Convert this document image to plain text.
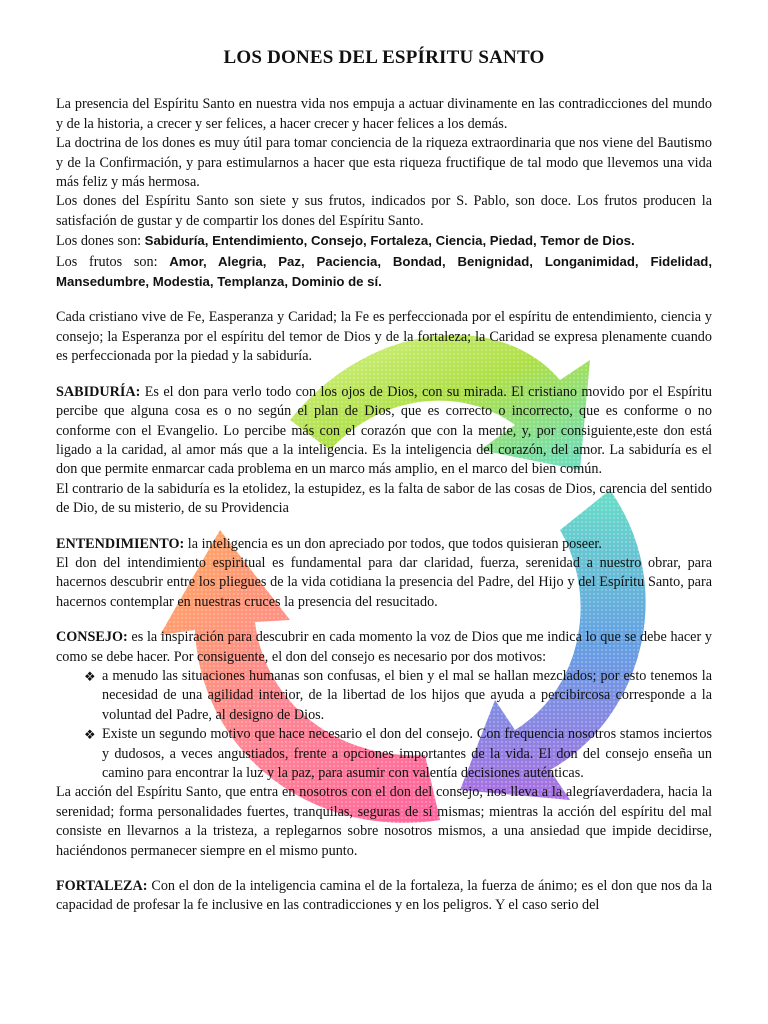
LOS DONES DEL ESPÍRITU SANTO

La presencia del Espíritu Santo en nuestra vida nos empuja a actuar divinamente en las contradicciones del mundo y de la historia, a crecer y ser felices, a hacer crecer y hacer felices a los demás.

La doctrina de los dones es muy útil para tomar conciencia de la riqueza extraordinaria que nos viene del Bautismo y de la Confirmación, y para estimularnos a hacer que esta riqueza fructifique de tal modo que llevemos una vida más feliz y más hermosa.

Los dones del Espíritu Santo son siete y sus frutos, indicados por S. Pablo, son doce. Los frutos producen la satisfación de gustar y de compartir los dones del Espíritu Santo.

Los dones son: Sabiduría, Entendimiento, Consejo, Fortaleza, Ciencia, Piedad, Temor de Dios.

Los frutos son: Amor, Alegria, Paz, Paciencia, Bondad, Benignidad, Longanimidad, Fidelidad, Mansedumbre, Modestia, Templanza, Dominio de sí.

Cada cristiano vive de Fe, Easperanza y Caridad; la Fe es perfeccionada por el espíritu de entendimiento, ciencia y consejo; la Esperanza por el espíritu del temor de Dios y de la fortaleza; la Caridad se expresa plenamente cuando es perfeccionada por la piedad y la sabiduría.

SABIDURÍA: Es el don para verlo todo con los ojos de Dios, con su mirada. El cristiano movido por el Espíritu percibe que alguna cosa es o no según el plan de Dios, que es correcto o incorrecto, que es conforme o no conforme con el Evangelio. Lo percibe más con el corazón que con la mente, y, por consiguiente,este don está ligado a la caridad, al amor más que a la inteligencia. Es la inteligencia del corazón, del amor. La sabiduría es el don que permite enmarcar cada problema en un marco más amplio, en el marco del bien común.

El contrario de la sabiduría es la etolidez, la estupidez, es la falta de sabor de las cosas de Dios, carencia del sentido de Dio, de su misterio, de su Providencia

ENTENDIMIENTO: la inteligencia es un don apreciado por todos, que todos quisieran poseer.

El don del intendimiento espiritual es fundamental para dar claridad, fuerza, serenidad a nuestro obrar, para hacernos descubrir entre los pliegues de la vida cotidiana la presencia del Padre, del Hijo y del Espíritu Santo, para hacernos contemplar en nuestras cruces la presencia del resucitado.

CONSEJO: es la inspiración para descubrir en cada momento la voz de Dios que me indica lo que se debe hacer y como se debe hacer. Por consiguente, el don del consejo es necesario por dos motivos:

❖ a menudo las situaciones humanas son confusas, el bien y el mal se hallan mezclados; por esto tenemos la necesidad de una agilidad interior, de la libertad de los hijos que ayuda a percibircosa corresponde a la voluntad del Padre, al designo de Dios.
❖ Existe un segundo motivo que hace necesario el don del consejo. Con frequencia nosotros stamos inciertos y dudosos, a veces angustiados, frente a opciones importantes de la vida. El don del consejo enseña un camino para encontrar la luz y la paz, para asumir con valentía decisiones auténticas.

La acción del Espíritu Santo, que entra en nosotros con el don del consejo, nos lleva a la alegríaverdadera, hacia la serenidad; forma personalidades fuertes, tranquilas, seguras de sí mismas; mientras la acción del espíritu del mal consiste en llevarnos a la tristeza, a replegarnos sobre nosotros mismos, a una ansiedad que impide decidirse, haciéndonos permanecer siempre en el mismo punto.

FORTALEZA: Con el don de la inteligencia camina el de la fortaleza, la fuerza de ánimo; es el don que nos da la capacidad de profesar la fe inclusive en las contradicciones y en los peligros. Y el caso serio del
